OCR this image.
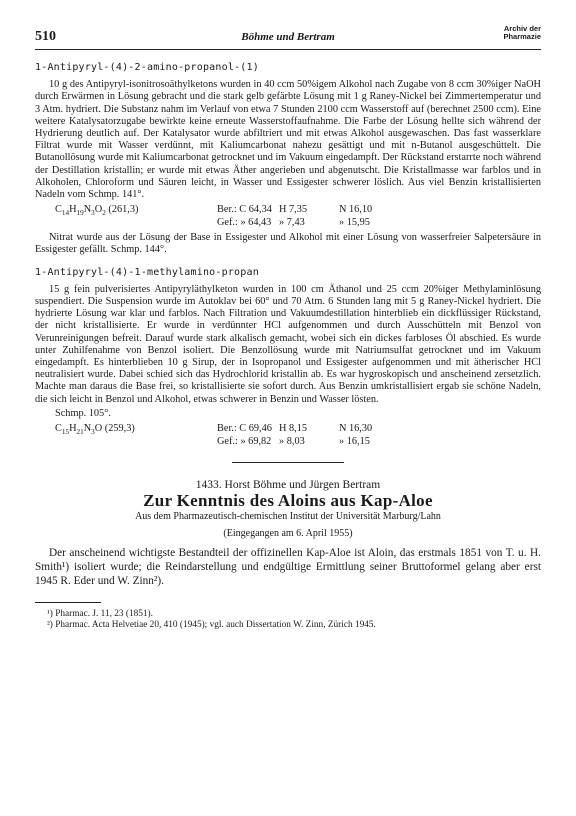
510	Böhme und Bertram
Archiv der
Pharmazie
1-Antipyryl-(4)-2-amino-propanol-(1)

10 g des Antipyryl-isonitrosoäthylketons wurden in 40 ccm 50%igem Alkohol nach Zugabe von 8 ccm 30%iger NaOH durch Erwärmen in Lösung gebracht und die stark gelb gefärbte Lösung mit 1 g Raney-Nickel bei Zimmertemperatur und 3 Atm. hydriert. Die Substanz nahm im Verlauf von etwa 7 Stunden 2100 ccm Wasserstoff auf (berechnet 2500 ccm). Eine weitere Katalysatorzugabe bewirkte keine erneute Wasserstoffaufnahme. Die Farbe der Lösung hellte sich während der Hydrierung deutlich auf. Der Katalysator wurde abfiltriert und mit etwas Alkohol ausgewaschen. Das fast wasserklare Filtrat wurde mit Wasser verdünnt, mit Kaliumcarbonat nahezu gesättigt und mit n-Butanol ausgeschüttelt. Die Butanollösung wurde mit Kaliumcarbonat getrocknet und im Vakuum eingedampft. Der Rückstand erstarrte noch während der Destillation kristallin; er wurde mit etwas Äther angerieben und abgenutscht. Die Kristallmasse war farblos und in Alkoholen, Chloroform und Säuren leicht, in Wasser und Essigester schwerer löslich. Aus viel Benzin kristallisierten Nadeln vom Schmp. 141°.

$C_{14}H_{19}N_3O_2$ (261,3)	Ber.: C 64,34 H 7,35	N 16,10
Gef.: » 64,43 » 7,43	» 15,95

Nitrat wurde aus der Lösung der Base in Essigester und Alkohol mit einer Lösung von wasserfreier Salpetersäure in Essigester gefällt. Schmp. 144°.

1-Antipyryl-(4)-1-methylamino-propan

15 g fein pulverisiertes Antipyryläthylketon wurden in 100 cm Äthanol und 25 ccm 20%iger Methylaminlösung suspendiert. Die Suspension wurde im Autoklav bei 60° und 70 Atm. 6 Stunden lang mit 5 g Raney-Nickel hydriert. Die hydrierte Lösung war klar und farblos. Nach Filtration und Vakuumdestillation hinterblieb ein dickflüssiger Rückstand, der nicht kristallisierte. Er wurde in verdünnter HCl aufgenommen und durch Ausschütteln mit Benzol von Verunreinigungen befreit. Darauf wurde stark alkalisch gemacht, wobei sich ein dickes farbloses Öl abschied. Es wurde unter Zuhilfenahme von Benzol isoliert. Die Benzollösung wurde mit Natriumsulfat getrocknet und im Vakuum eingedampft. Es hinterblieben 10 g Sirup, der in Isopropanol und Essigester aufgenommen und mit ätherischer HCl neutralisiert wurde. Dabei schied sich das Hydrochlorid kristallin ab. Es war hygroskopisch und anscheinend zersetzlich. Machte man daraus die Base frei, so kristallisierte sie sofort durch. Aus Benzin umkristallisiert ergab sie schöne Nadeln, die sich leicht in Benzol und Alkohol, etwas schwerer in Benzin und Wasser lösten.

Schmp. 105°.
$C_{15}H_{21}N_3O$ (259,3)	Ber.: C 69,46 H 8,15	N 16,30
Gef.: » 69,82 » 8,03	» 16,15
1433. Horst Böhme und Jürgen Bertram
Zur Kenntnis des Aloins aus Kap-Aloe
Aus dem Pharmazeutisch-chemischen Institut der Universität Marburg/Lahn
(Eingegangen am 6. April 1955)

Der anscheinend wichtigste Bestandteil der offizinellen Kap-Aloe ist Aloin, das erstmals 1851 von T. u. H. Smith¹) isoliert wurde; die Reindarstellung und endgültige Ermittlung seiner Bruttoformel gelang aber erst 1945 R. Eder und W. Zinn²).

¹) Pharmac. J. 11, 23 (1851).
²) Pharmac. Acta Helvetiae 20, 410 (1945); vgl. auch Dissertation W. Zinn, Zürich 1945.
